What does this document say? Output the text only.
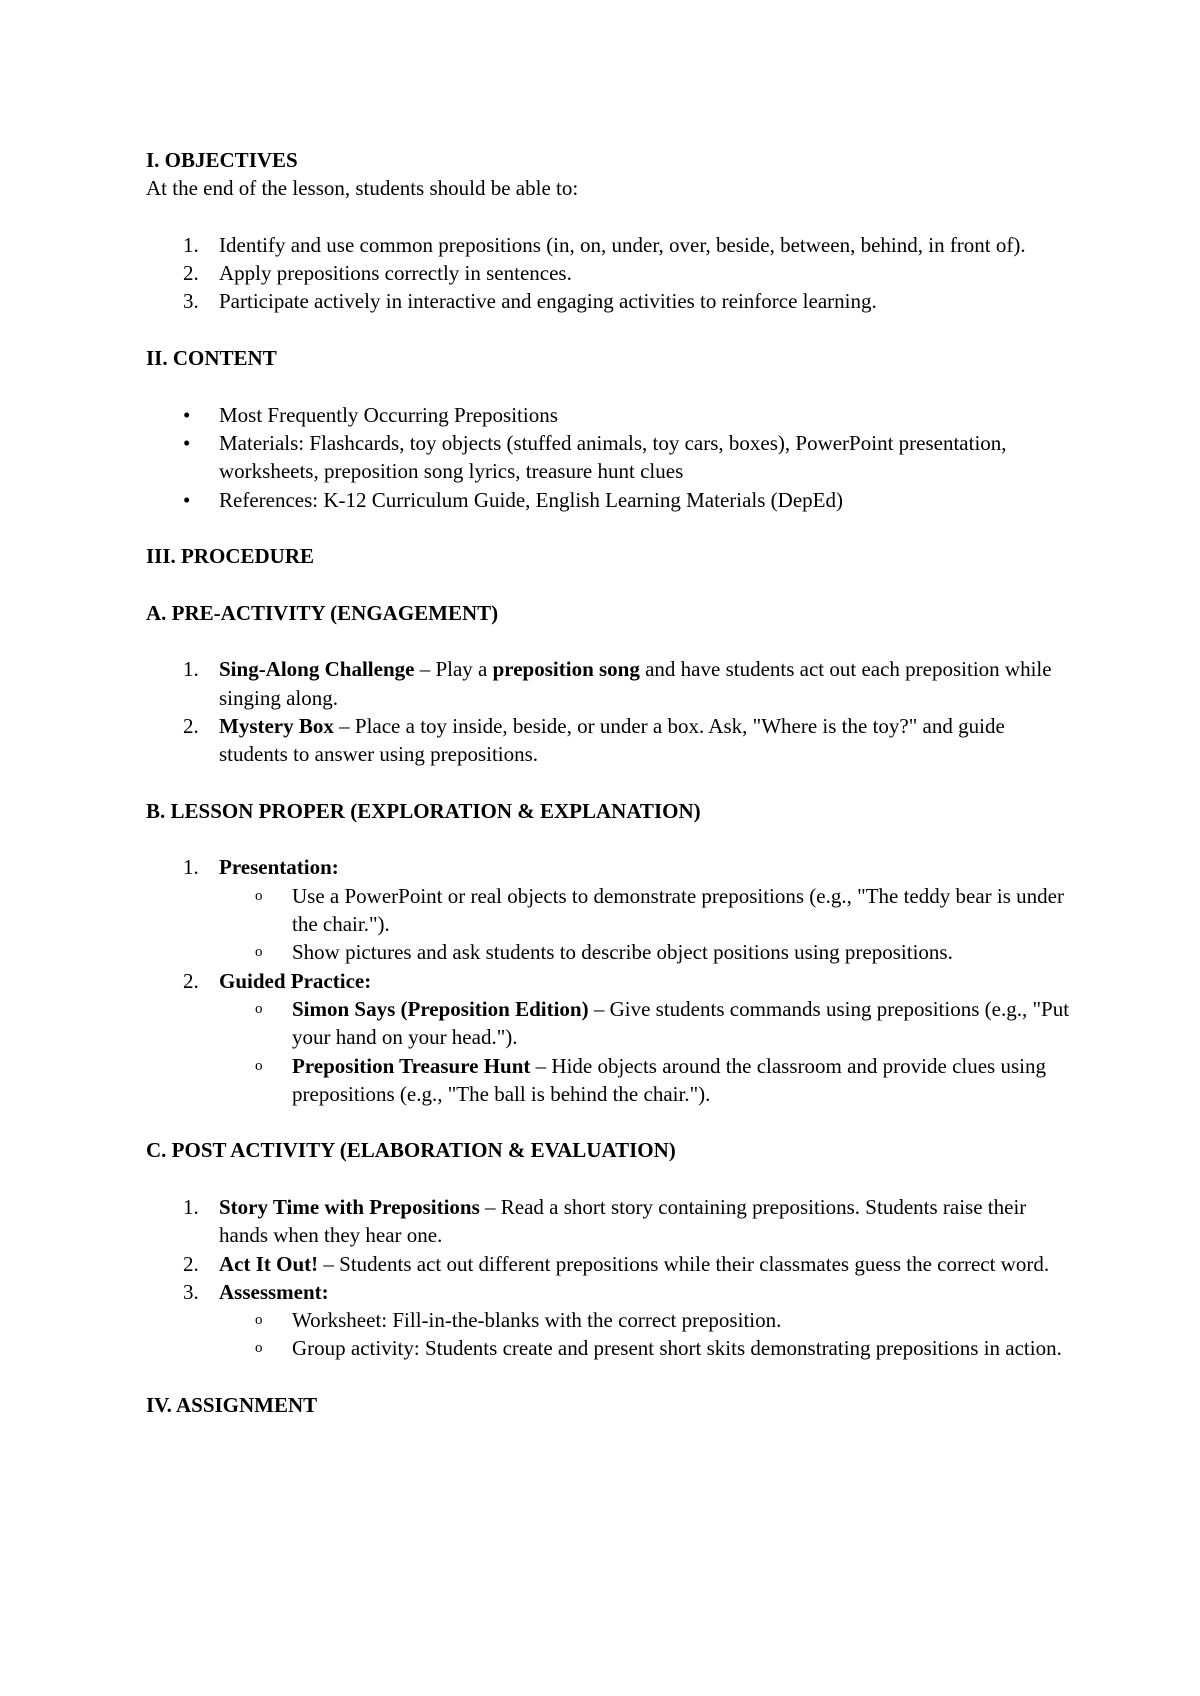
I. OBJECTIVES

At the end of the lesson, students should be able to:

1. Identify and use common prepositions (in, on, under, over, beside, between, behind, in front of).
2. Apply prepositions correctly in sentences.
3. Participate actively in interactive and engaging activities to reinforce learning.

II. CONTENT

•	Most Frequently Occurring Prepositions
•	Materials: Flashcards, toy objects (stuffed animals, toy cars, boxes), PowerPoint presentation, worksheets, preposition song lyrics, treasure hunt clues
•	References: K-12 Curriculum Guide, English Learning Materials (DepEd)

III. PROCEDURE

A. PRE-ACTIVITY (ENGAGEMENT)

1. Sing-Along Challenge – Play a preposition song and have students act out each preposition while singing along.
2. Mystery Box – Place a toy inside, beside, or under a box. Ask, "Where is the toy?" and guide students to answer using prepositions.

B. LESSON PROPER (EXPLORATION & EXPLANATION)

1. Presentation:
o Use a PowerPoint or real objects to demonstrate prepositions (e.g., "The teddy bear is under the chair.").
o Show pictures and ask students to describe object positions using prepositions.
2. Guided Practice:
o Simon Says (Preposition Edition) – Give students commands using prepositions (e.g., "Put your hand on your head.").
o Preposition Treasure Hunt – Hide objects around the classroom and provide clues using prepositions (e.g., "The ball is behind the chair.").

C. POST ACTIVITY (ELABORATION & EVALUATION)

1. Story Time with Prepositions – Read a short story containing prepositions. Students raise their hands when they hear one.
2. Act It Out! – Students act out different prepositions while their classmates guess the correct word.
3. Assessment:
o Worksheet: Fill-in-the-blanks with the correct preposition.
o Group activity: Students create and present short skits demonstrating prepositions in action.

IV. ASSIGNMENT
